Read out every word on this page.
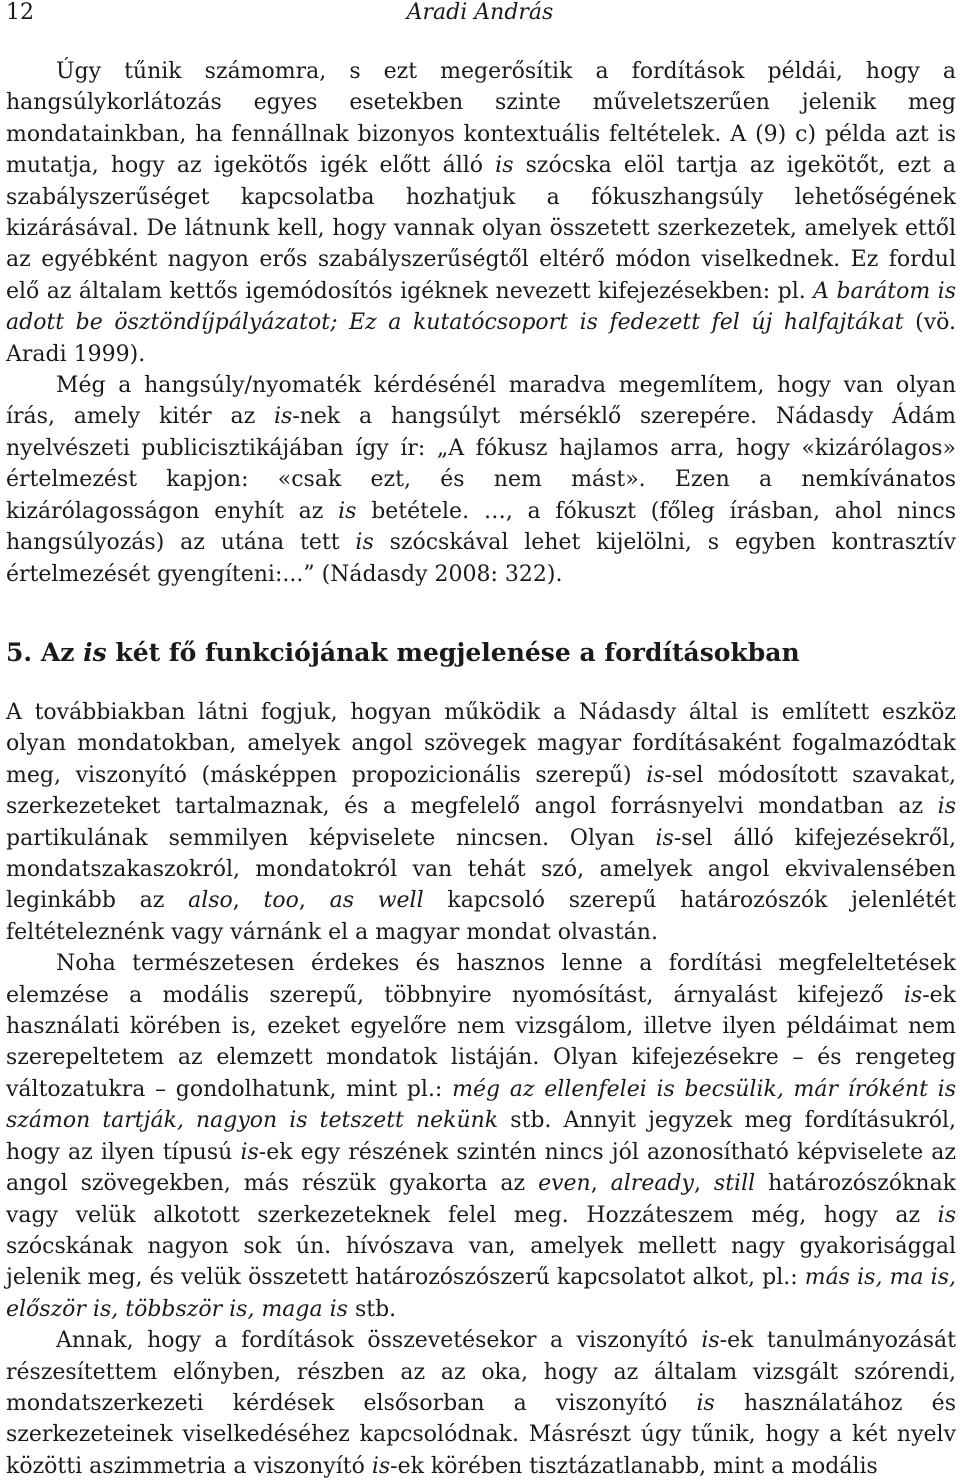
12	Aradi András

Úgy tűnik számomra, s ezt megerősítik a fordítások példái, hogy a hangsúlykorlátozás egyes esetekben szinte műveletszerűen jelenik meg mondatainkban, ha fennállnak bizonyos kontextuális feltételek. A (9) c) példa azt is mutatja, hogy az igekötős igék előtt álló is szócska elöl tartja az igekötőt, ezt a szabályszerűséget kapcsolatba hozhatjuk a fókuszhangsúly lehetőségének kizárásával. De látnunk kell, hogy vannak olyan összetett szerkezetek, amelyek ettől az egyébként nagyon erős szabályszerűségtől eltérő módon viselkednek. Ez fordul elő az általam kettős igemódosítós igéknek nevezett kifejezésekben: pl. A barátom is adott be ösztöndíjpályázatot; Ez a kutatócsoport is fedezett fel új halfajtákat (vö. Aradi 1999).

Még a hangsúly/nyomaték kérdésénél maradva megemlítem, hogy van olyan írás, amely kitér az is-nek a hangsúlyt mérséklő szerepére. Nádasdy Ádám nyelvészeti publicisztikájában így ír: „A fókusz hajlamos arra, hogy «kizárólagos» értelmezést kapjon: «csak ezt, és nem mást». Ezen a nemkívánatos kizárólagosságon enyhít az is betétele. …, a fókuszt (főleg írásban, ahol nincs hangsúlyozás) az utána tett is szócskával lehet kijelölni, s egyben kontrasztív értelmezését gyengíteni:...” (Nádasdy 2008: 322).

5. Az is két fő funkciójának megjelenése a fordításokban

A továbbiakban látni fogjuk, hogyan működik a Nádasdy által is említett eszköz olyan mondatokban, amelyek angol szövegek magyar fordításaként fogalmazódtak meg, viszonyító (másképpen propozicionális szerepű) is-sel módosított szavakat, szerkezeteket tartalmaznak, és a megfelelő angol forrásnyelvi mondatban az is partikulának semmilyen képviselete nincsen. Olyan is-sel álló kifejezésekről, mondatszakaszokról, mondatokról van tehát szó, amelyek angol ekvivalensében leginkább az also, too, as well kapcsoló szerepű határozószók jelenlétét feltételeznénk vagy várnánk el a magyar mondat olvastán.

Noha természetesen érdekes és hasznos lenne a fordítási megfeleltetések elemzése a modális szerepű, többnyire nyomósítást, árnyalást kifejező is-ek használati körében is, ezeket egyelőre nem vizsgálom, illetve ilyen példáimat nem szerepeltetem az elemzett mondatok listáján. Olyan kifejezésekre – és rengeteg változatukra – gondolhatunk, mint pl.: még az ellenfelei is becsülik, már íróként is számon tartják, nagyon is tetszett nekünk stb. Annyit jegyzek meg fordításukról, hogy az ilyen típusú is-ek egy részének szintén nincs jól azonosítható képviselete az angol szövegekben, más részük gyakorta az even, already, still határozószóknak vagy velük alkotott szerkezeteknek felel meg. Hozzáteszem még, hogy az is szócskának nagyon sok ún. hívószava van, amelyek mellett nagy gyakorisággal jelenik meg, és velük összetett határozószószerű kapcsolatot alkot, pl.: más is, ma is, először is, többször is, maga is stb.

Annak, hogy a fordítások összevetésekor a viszonyító is-ek tanulmányozását részesítettem előnyben, részben az az oka, hogy az általam vizsgált szórendi, mondatszerkezeti kérdések elsősorban a viszonyító is használatához és szerkezeteinek viselkedéséhez kapcsolódnak. Másrészt úgy tűnik, hogy a két nyelv közötti aszimmetria a viszonyító is-ek körében tisztázatlanabb, mint a modális
